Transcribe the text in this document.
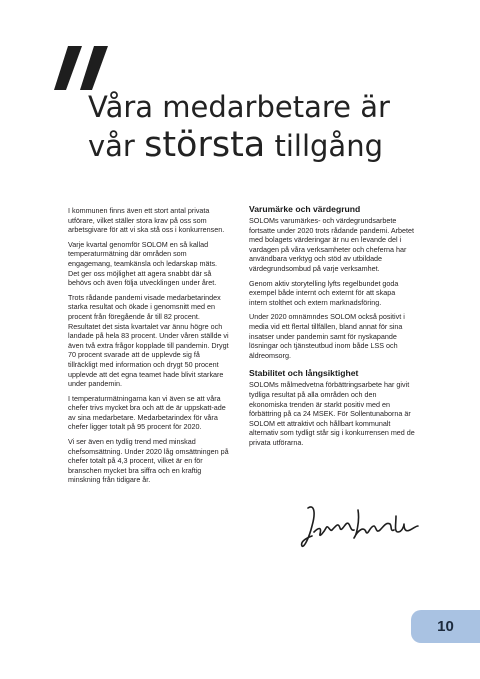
Våra medarbetare är
vår största tillgång

I kommunen finns även ett stort antal privata utförare, vilket ställer stora krav på oss som arbetsgivare för att vi ska stå oss i konkurrensen.

Varje kvartal genomför SOLOM en så kallad temperaturmätning där områden som engagemang, teamkänsla och ledarskap mäts. Det ger oss möjlighet att agera snabbt där så behövs och även följa utvecklingen under året.

Trots rådande pandemi visade medarbetarindex starka resultat och ökade i genomsnitt med en procent från föregående år till 82 procent. Resultatet det sista kvartalet var ännu högre och landade på hela 83 procent. Under våren ställde vi även två extra frågor kopplade till pandemin. Drygt 70 procent svarade att de upplevde sig få tillräckligt med information och drygt 50 procent upplevde att det egna teamet hade blivit starkare under pandemin.

I temperaturmätningarna kan vi även se att våra chefer trivs mycket bra och att de är uppskatt-ade av sina medarbetare. Medarbetarindex för våra chefer ligger totalt på 95 procent för 2020.

Vi ser även en tydlig trend med minskad chefsomsättning. Under 2020 låg omsättningen på chefer totalt på 4,3 procent, vilket är en för branschen mycket bra siffra och en kraftig minskning från tidigare år.

Varumärke och värdegrund

SOLOMs varumärkes- och värdegrundsarbete fortsatte under 2020 trots rådande pandemi. Arbetet med bolagets värderingar är nu en levande del i vardagen på våra verksamheter och cheferna har användbara verktyg och stöd av utbildade värdegrundsombud på varje verksamhet.

Genom aktiv storytelling lyfts regelbundet goda exempel både internt och externt för att skapa intern stolthet och extern marknadsföring.

Under 2020 omnämndes SOLOM också positivt i media vid ett flertal tillfällen, bland annat för sina insatser under pandemin samt för nyskapande lösningar och tjänsteutbud inom både LSS och äldreomsorg.

Stabilitet och långsiktighet

SOLOMs målmedvetna förbättringsarbete har givit tydliga resultat på alla områden och den ekonomiska trenden är starkt positiv med en förbättring på ca 24 MSEK. För Sollentunaborna är SOLOM ett attraktivt och hållbart kommunalt alternativ som tydligt står sig i konkurrensen med de privata utförarna.

10
